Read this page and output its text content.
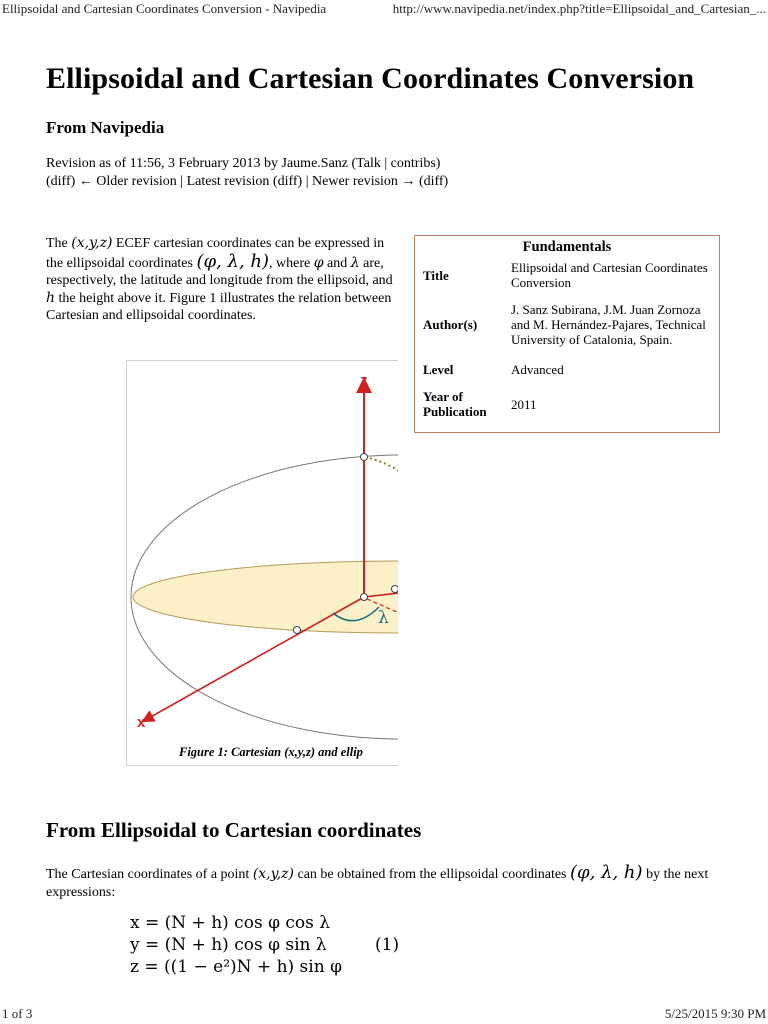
Ellipsoidal and Cartesian Coordinates Conversion - Navipedia	http://www.navipedia.net/index.php?title=Ellipsoidal_and_Cartesian_...
Ellipsoidal and Cartesian Coordinates Conversion
From Navipedia
Revision as of 11:56, 3 February 2013 by Jaume.Sanz (Talk | contribs)
(diff) ← Older revision | Latest revision (diff) | Newer revision → (diff)
The (x,y,z) ECEF cartesian coordinates can be expressed in the ellipsoidal coordinates (φ, λ, h), where φ and λ are, respectively, the latitude and longitude from the ellipsoid, and h the height above it. Figure 1 illustrates the relation between Cartesian and ellipsoidal coordinates.
Fundamentals
Title	Ellipsoidal and Cartesian Coordinates Conversion
Author(s)	J. Sanz Subirana, J.M. Juan Zornoza and M. Hernández-Pajares, Technical University of Catalonia, Spain.
Level	Advanced
Year of Publication	2011
z
x
λ
Figure 1: Cartesian (x,y,z) and ellip
From Ellipsoidal to Cartesian coordinates
The Cartesian coordinates of a point (x,y,z) can be obtained from the ellipsoidal coordinates (φ, λ, h) by the next expressions:
x = (N + h) cos φ cos λ
y = (N + h) cos φ sin λ
z = ((1 − e²)N + h) sin φ
(1)
1 of 3	5/25/2015 9:30 PM
